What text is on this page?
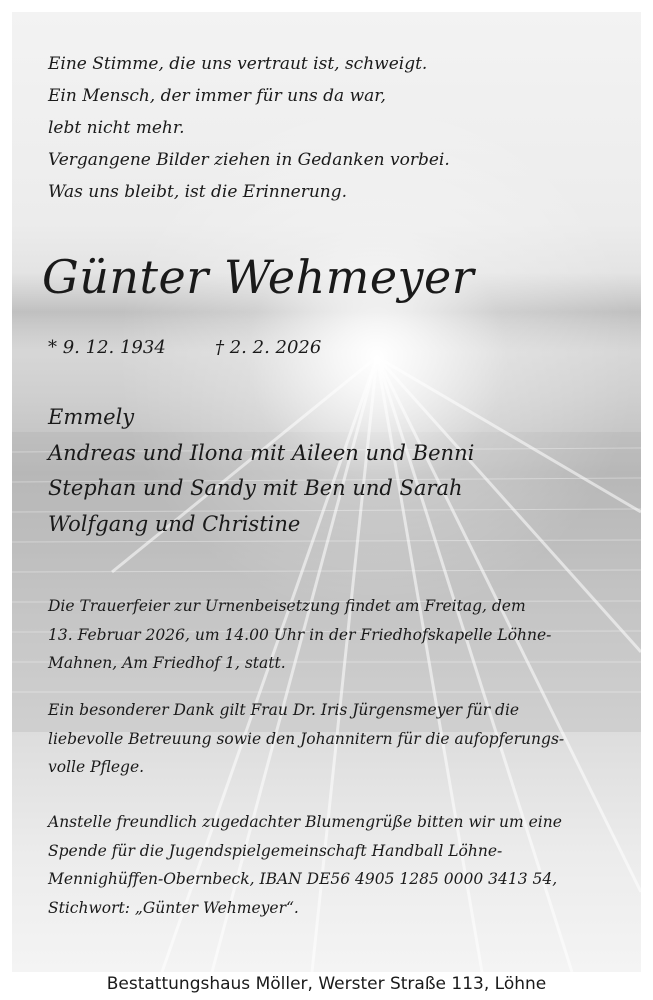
Eine Stimme, die uns vertraut ist, schweigt.
Ein Mensch, der immer für uns da war,
lebt nicht mehr.
Vergangene Bilder ziehen in Gedanken vorbei.
Was uns bleibt, ist die Erinnerung.
Günter Wehmeyer
* 9. 12. 1934	† 2. 2. 2026
Emmely
Andreas und Ilona mit Aileen und Benni
Stephan und Sandy mit Ben und Sarah
Wolfgang und Christine
Die Trauerfeier zur Urnenbeisetzung findet am Freitag, dem
13. Februar 2026, um 14.00 Uhr in der Friedhofskapelle Löhne-
Mahnen, Am Friedhof 1, statt.
Ein besonderer Dank gilt Frau Dr. Iris Jürgensmeyer für die
liebevolle Betreuung sowie den Johannitern für die aufopferungs-
volle Pflege.
Anstelle freundlich zugedachter Blumengrüße bitten wir um eine
Spende für die Jugendspielgemeinschaft Handball Löhne-
Mennighüffen-Obernbeck, IBAN DE56 4905 1285 0000 3413 54,
Stichwort: „Günter Wehmeyer“.
Bestattungshaus Möller, Werster Straße 113, Löhne
